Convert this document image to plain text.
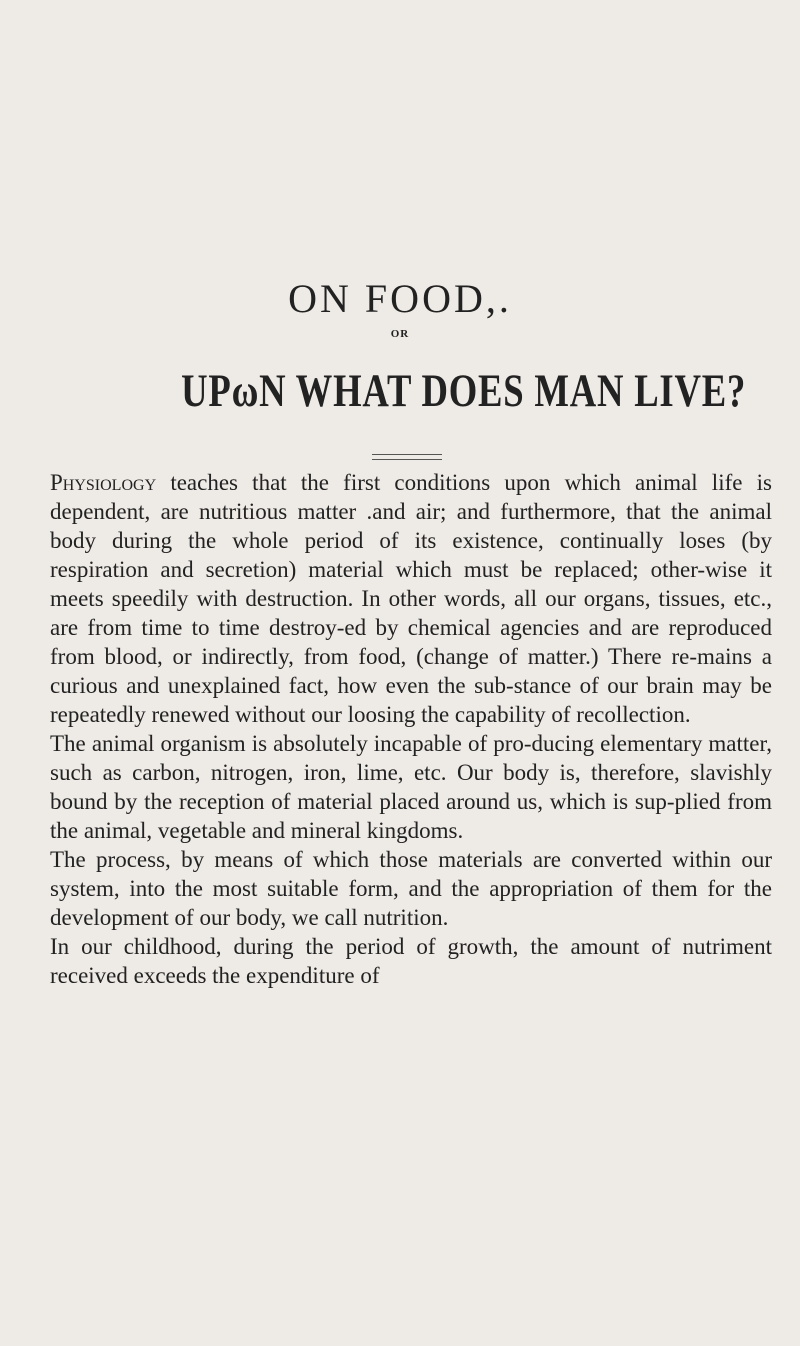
ON FOOD,.
OR
UPωN WHAT DOES MAN LIVE?

Physiology teaches that the first conditions upon which animal life is dependent, are nutritious matter .and air; and furthermore, that the animal body during the whole period of its existence, continually loses (by respiration and secretion) material which must be replaced; other-wise it meets speedily with destruction. In other words, all our organs, tissues, etc., are from time to time destroy-ed by chemical agencies and are reproduced from blood, or indirectly, from food, (change of matter.) There re-mains a curious and unexplained fact, how even the sub-stance of our brain may be repeatedly renewed without our loosing the capability of recollection.

The animal organism is absolutely incapable of pro-ducing elementary matter, such as carbon, nitrogen, iron, lime, etc. Our body is, therefore, slavishly bound by the reception of material placed around us, which is sup-plied from the animal, vegetable and mineral kingdoms.

The process, by means of which those materials are converted within our system, into the most suitable form, and the appropriation of them for the development of our body, we call nutrition.

In our childhood, during the period of growth, the amount of nutriment received exceeds the expenditure of
